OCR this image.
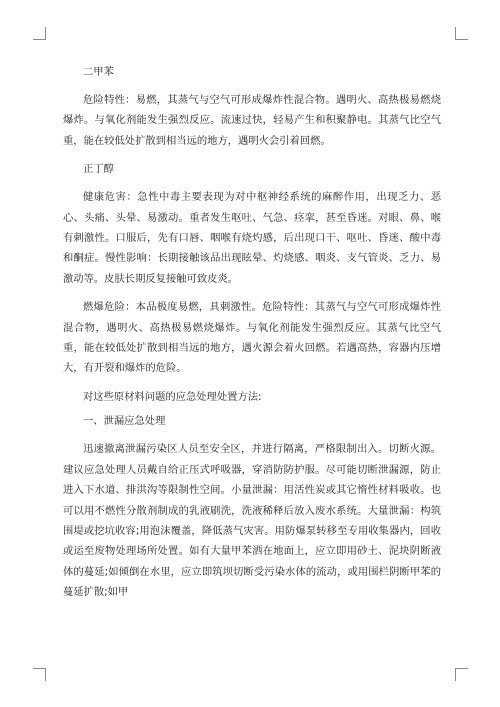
二甲苯

危险特性：易燃，其蒸气与空气可形成爆炸性混合物。遇明火、高热极易燃烧爆炸。与氧化剂能发生强烈反应。流速过快，轻易产生和积聚静电。其蒸气比空气重，能在较低处扩散到相当远的地方，遇明火会引着回燃。

正丁醇

健康危害：急性中毒主要表现为对中枢神经系统的麻醉作用，出现乏力、恶心、头痛、头晕、易激动。重者发生呕吐、气急、痉挛，甚至昏迷。对眼、鼻、喉有刺激性。口服后，先有口唇、咽喉有烧灼感，后出现口干、呕吐、昏迷、酸中毒和酮症。慢性影响：长期接触该品出现眩晕、灼烧感、咽炎、支气管炎、乏力、易激动等。皮肤长期反复接触可致皮炎。

燃爆危险：本品极度易燃，具刺激性。危险特性：其蒸气与空气可形成爆炸性混合物，遇明火、高热极易燃烧爆炸。与氧化剂能发生强烈反应。其蒸气比空气重，能在较低处扩散到相当远的地方，遇火源会着火回燃。若遇高热，容器内压增大，有开裂和爆炸的危险。

对这些原材料问题的应急处理处置方法:

一、泄漏应急处理

迅速撤离泄漏污染区人员至安全区，并进行隔离，严格限制出入。切断火源。建议应急处理人员戴自给正压式呼吸器，穿消防防护服。尽可能切断泄漏源，防止进入下水道、排洪沟等限制性空间。小量泄漏：用活性炭或其它惰性材料吸收。也可以用不燃性分散剂制成的乳液刷洗，洗液稀释后放入废水系统。大量泄漏：构筑围堤或挖坑收容;用泡沫覆盖，降低蒸气灾害。用防爆泵转移至专用收集器内，回收或运至废物处理场所处置。如有大量甲苯洒在地面上，应立即用砂土、泥块阴断液体的蔓延;如倾倒在水里，应立即筑坝切断受污染水体的流动，或用围栏阴断甲苯的蔓延扩散;如甲
